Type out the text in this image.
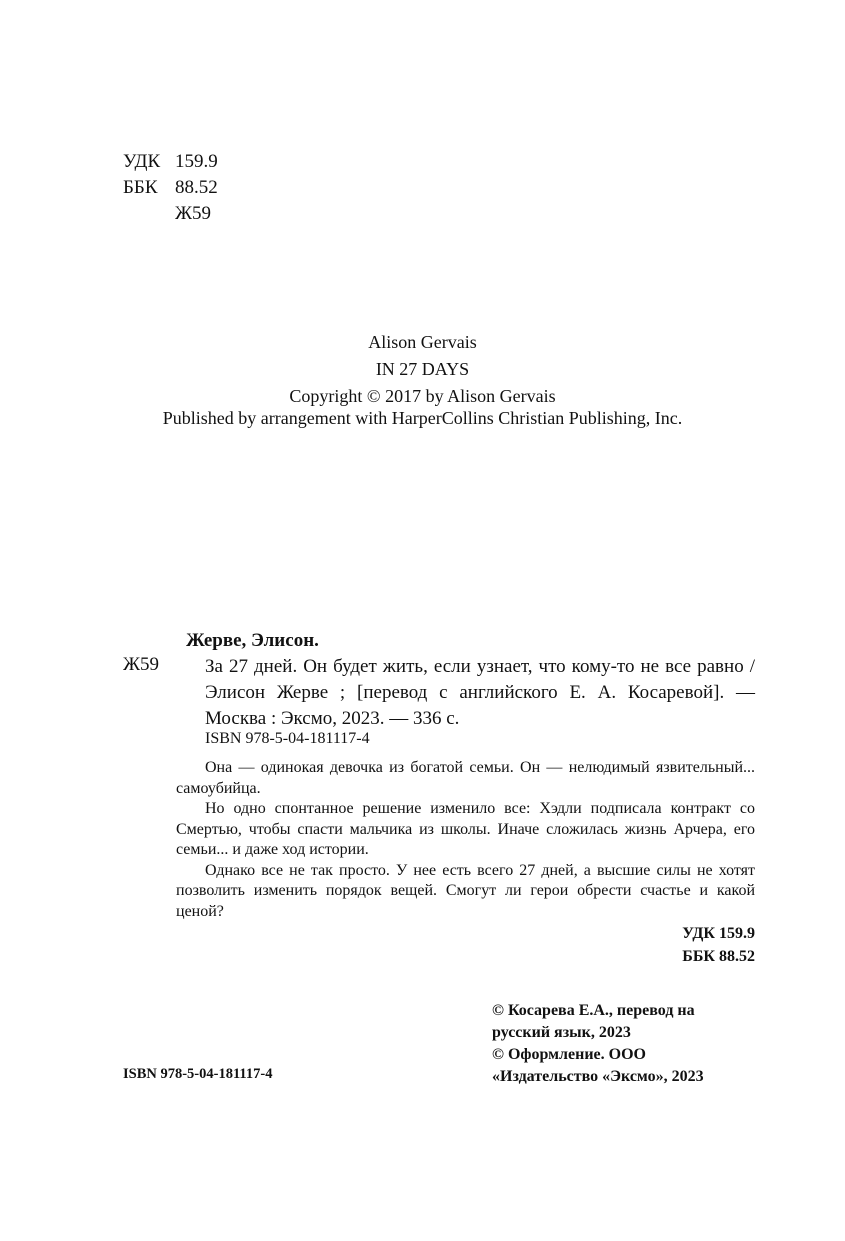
УДК 159.9
ББК 88.52
Ж59
Alison Gervais
IN 27 DAYS
Copyright © 2017 by Alison Gervais
Published by arrangement with HarperCollins Christian Publishing, Inc.
Жерве, Элисон.
Ж59 За 27 дней. Он будет жить, если узнает, что кому-то не все равно / Элисон Жерве ; [перевод с английского Е. А. Косаревой]. — Москва : Эксмо, 2023. — 336 с.
ISBN 978-5-04-181117-4

Она — одинокая девочка из богатой семьи. Он — нелюдимый язвительный... самоубийца.

Но одно спонтанное решение изменило все: Хэдли подписала контракт со Смертью, чтобы спасти мальчика из школы. Иначе сложилась жизнь Арчера, его семьи... и даже ход истории.

Однако все не так просто. У нее есть всего 27 дней, а высшие силы не хотят позволить изменить порядок вещей. Смогут ли герои обрести счастье и какой ценой?

УДК 159.9
ББК 88.52
© Косарева Е.А., перевод на
русский язык, 2023
© Оформление. ООО
«Издательство «Эксмо», 2023
ISBN 978-5-04-181117-4
